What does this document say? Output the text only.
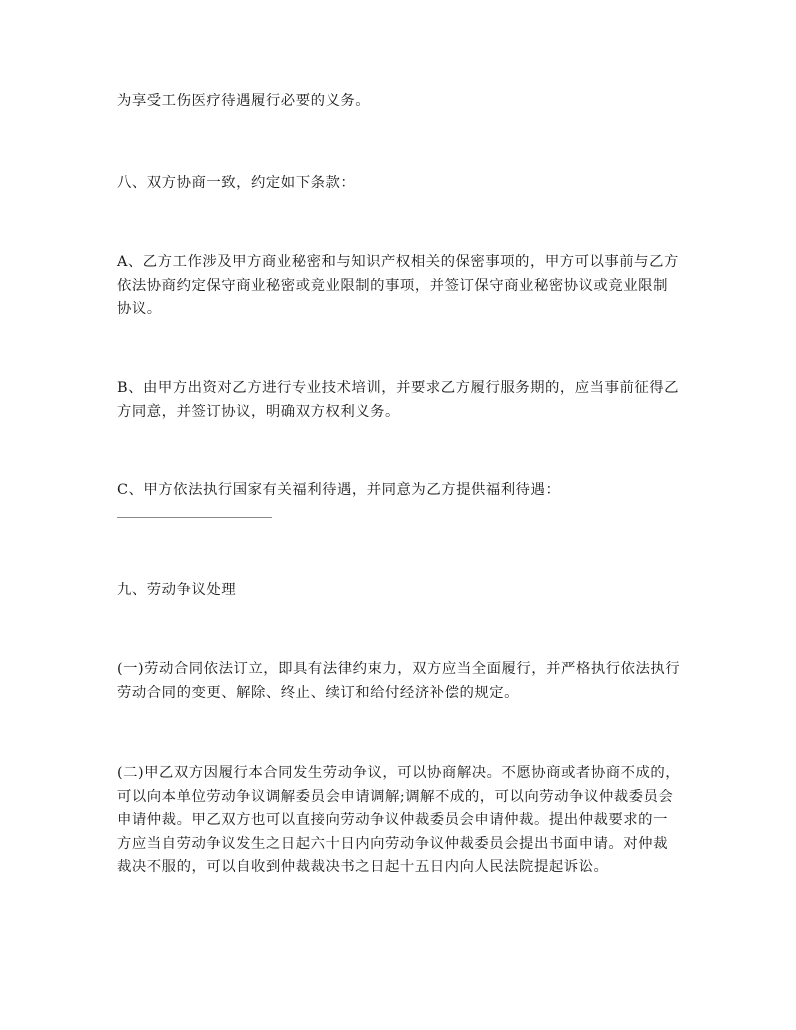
为享受工伤医疗待遇履行必要的义务。

八、双方协商一致，约定如下条款：

A、乙方工作涉及甲方商业秘密和与知识产权相关的保密事项的，甲方可以事前与乙方依法协商约定保守商业秘密或竞业限制的事项，并签订保守商业秘密协议或竞业限制协议。

B、由甲方出资对乙方进行专业技术培训，并要求乙方履行服务期的，应当事前征得乙方同意，并签订协议，明确双方权利义务。

C、甲方依法执行国家有关福利待遇，并同意为乙方提供福利待遇：

九、劳动争议处理

(一)劳动合同依法订立，即具有法律约束力，双方应当全面履行，并严格执行依法执行劳动合同的变更、解除、终止、续订和给付经济补偿的规定。

(二)甲乙双方因履行本合同发生劳动争议，可以协商解决。不愿协商或者协商不成的，可以向本单位劳动争议调解委员会申请调解;调解不成的，可以向劳动争议仲裁委员会申请仲裁。甲乙双方也可以直接向劳动争议仲裁委员会申请仲裁。提出仲裁要求的一方应当自劳动争议发生之日起六十日内向劳动争议仲裁委员会提出书面申请。对仲裁裁决不服的，可以自收到仲裁裁决书之日起十五日内向人民法院提起诉讼。
